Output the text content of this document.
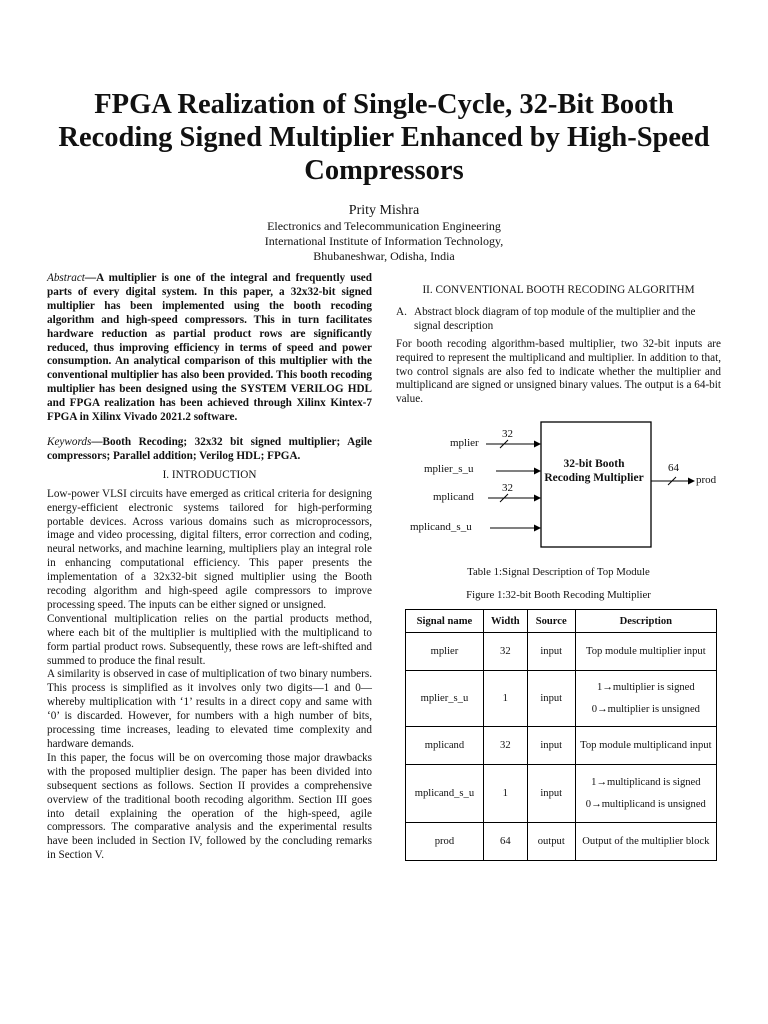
FPGA Realization of Single-Cycle, 32-Bit Booth Recoding Signed Multiplier Enhanced by High-Speed Compressors
Prity Mishra
Electronics and Telecommunication Engineering
International Institute of Information Technology,
Bhubaneshwar, Odisha, India

Abstract—A multiplier is one of the integral and frequently used parts of every digital system. In this paper, a 32x32-bit signed multiplier has been implemented using the booth recoding algorithm and high-speed compressors. This in turn facilitates hardware reduction as partial product rows are significantly reduced, thus improving efficiency in terms of speed and power consumption. An analytical comparison of this multiplier with the conventional multiplier has also been provided. This booth recoding multiplier has been designed using the SYSTEM VERILOG HDL and FPGA realization has been achieved through Xilinx Kintex-7 FPGA in Xilinx Vivado 2021.2 software.

Keywords—Booth Recoding; 32x32 bit signed multiplier; Agile compressors; Parallel addition; Verilog HDL; FPGA.

I. INTRODUCTION

Low-power VLSI circuits have emerged as critical criteria for designing energy-efficient electronic systems tailored for high-performing portable devices. Across various domains such as microprocessors, image and video processing, digital filters, error correction and coding, neural networks, and machine learning, multipliers play an integral role in enhancing computational efficiency. This paper presents the implementation of a 32x32-bit signed multiplier using the Booth recoding algorithm and high-speed agile compressors to improve processing speed. The inputs can be either signed or unsigned.

Conventional multiplication relies on the partial products method, where each bit of the multiplier is multiplied with the multiplicand to form partial product rows. Subsequently, these rows are left-shifted and summed to produce the final result.

A similarity is observed in case of multiplication of two binary numbers. This process is simplified as it involves only two digits—1 and 0—whereby multiplication with ‘1’ results in a direct copy and same with ‘0’ is discarded. However, for numbers with a high number of bits, processing time increases, leading to elevated time complexity and hardware demands.

In this paper, the focus will be on overcoming those major drawbacks with the proposed multiplier design. The paper has been divided into subsequent sections as follows. Section II provides a comprehensive overview of the traditional booth recoding algorithm. Section III goes into detail explaining the operation of the high-speed, agile compressors. The comparative analysis and the experimental results have been included in Section IV, followed by the concluding remarks in Section V.

II. CONVENTIONAL BOOTH RECODING ALGORITHM

A. Abstract block diagram of top module of the multiplier and the signal description

For booth recoding algorithm-based multiplier, two 32-bit inputs are required to represent the multiplicand and multiplier. In addition to that, two control signals are also fed to indicate whether the multiplier and multiplicand are signed or unsigned binary values. The output is a 64-bit value.

mplier
32
mplier_s_u
mplicand
32
mplicand_s_u
32-bit Booth Recoding Multiplier
64
prod

Table 1:Signal Description of Top Module

Figure 1:32-bit Booth Recoding Multiplier

Signal name	Width	Source	Description
mplier	32	input	Top module multiplier input

mplier_s_u	1	input	1→multiplier is signed
0→multiplier is unsigned

mplicand	32	input	Top module multiplicand input

mplicand_s_u	1	input	1→multiplicand is signed
0→multiplicand is unsigned

prod	64	output	Output of the multiplier block
